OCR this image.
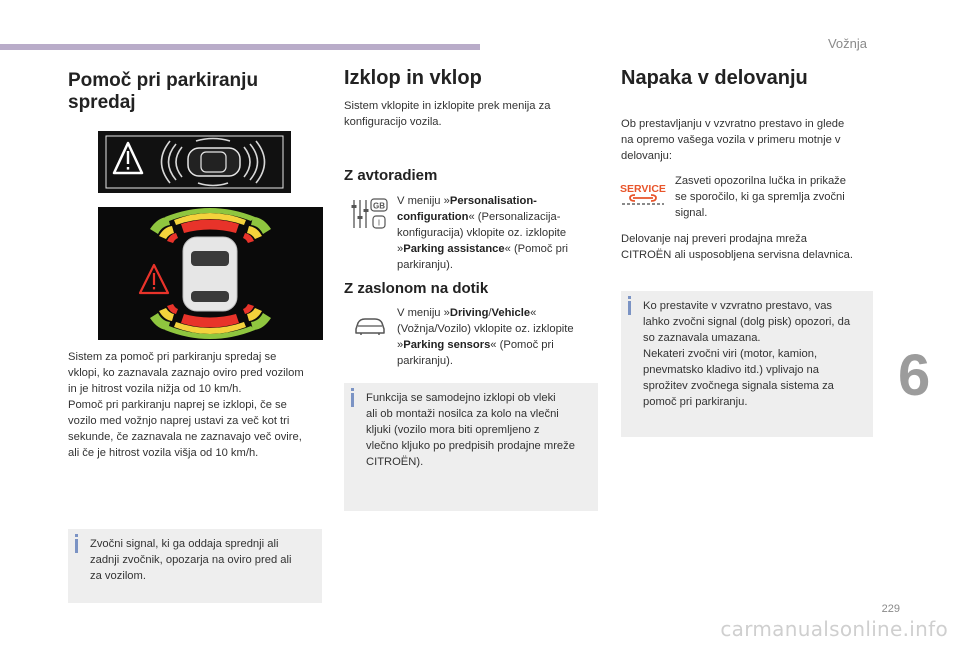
Vožnja
Pomoč pri parkiranju
spredaj

Sistem za pomoč pri parkiranju spredaj se

vklopi, ko zaznavala zaznajo oviro pred vozilom

in je hitrost vozila nižja od 10 km/h.

Pomoč pri parkiranju naprej se izklopi, če se

vozilo med vožnjo naprej ustavi za več kot tri

sekunde, če zaznavala ne zaznavajo več ovire,

ali če je hitrost vozila višja od 10 km/h.

Zvočni signal, ki ga oddaja sprednji ali

zadnji zvočnik, opozarja na oviro pred ali

za vozilom.

Izklop in vklop

Sistem vklopite in izklopite prek menija za

konfiguracijo vozila.

Z avtoradiem
GB
I

V meniju »Personalisation-

configuration« (Personalizacija-

konfiguracija) vklopite oz. izklopite

»Parking assistance« (Pomoč pri

parkiranju).

Z zaslonom na dotik

V meniju »Driving/Vehicle«

(Vožnja/Vozilo) vklopite oz. izklopite

»Parking sensors« (Pomoč pri

parkiranju).

Funkcija se samodejno izklopi ob vleki

ali ob montaži nosilca za kolo na vlečni

kljuki (vozilo mora biti opremljeno z

vlečno kljuko po predpisih prodajne mreže

CITROËN).

Napaka v delovanju

Ob prestavljanju v vzvratno prestavo in glede

na opremo vašega vozila v primeru motnje v

delovanju:

SERVICE

Zasveti opozorilna lučka in prikaže

se sporočilo, ki ga spremlja zvočni

signal.

Delovanje naj preveri prodajna mreža

CITROËN ali usposobljena servisna delavnica.

Ko prestavite v vzvratno prestavo, vas

lahko zvočni signal (dolg pisk) opozori, da

so zaznavala umazana.

Nekateri zvočni viri (motor, kamion,

pnevmatsko kladivo itd.) vplivajo na

sprožitev zvočnega signala sistema za

pomoč pri parkiranju.	6
229
carmanualsonline.info
